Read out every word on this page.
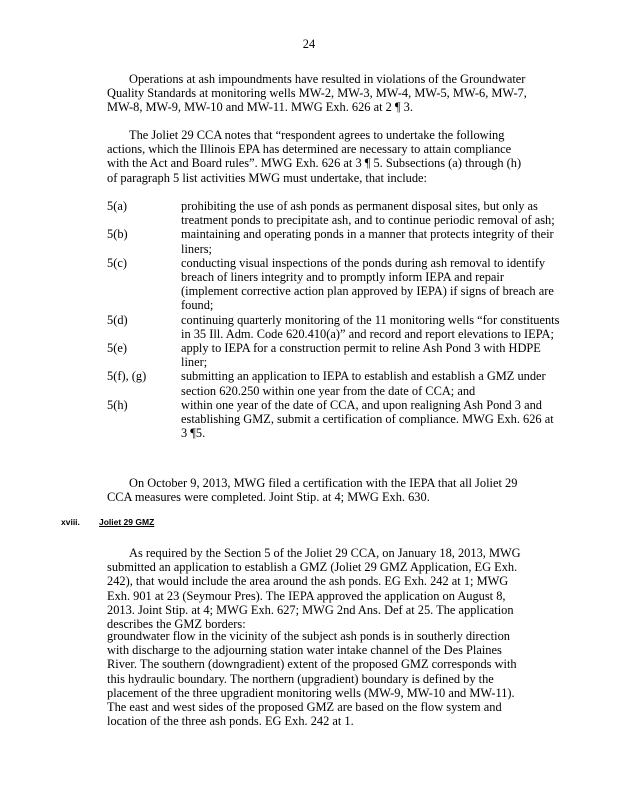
24
Operations at ash impoundments have resulted in violations of the Groundwater Quality Standards at monitoring wells MW-2, MW-3, MW-4, MW-5, MW-6, MW-7, MW-8, MW-9, MW-10 and MW-11. MWG Exh. 626 at 2 ¶ 3.
The Joliet 29 CCA notes that “respondent agrees to undertake the following actions, which the Illinois EPA has determined are necessary to attain compliance with the Act and Board rules”. MWG Exh. 626 at 3 ¶ 5. Subsections (a) through (h) of paragraph 5 list activities MWG must undertake, that include:
5(a)	prohibiting the use of ash ponds as permanent disposal sites, but only as treatment ponds to precipitate ash, and to continue periodic removal of ash;
5(b)	maintaining and operating ponds in a manner that protects integrity of their liners;
5(c)	conducting visual inspections of the ponds during ash removal to identify breach of liners integrity and to promptly inform IEPA and repair (implement corrective action plan approved by IEPA) if signs of breach are found;
5(d)	continuing quarterly monitoring of the 11 monitoring wells “for constituents in 35 Ill. Adm. Code 620.410(a)” and record and report elevations to IEPA;
5(e)	apply to IEPA for a construction permit to reline Ash Pond 3 with HDPE liner;
5(f), (g)	submitting an application to IEPA to establish and establish a GMZ under section 620.250 within one year from the date of CCA; and
5(h)	within one year of the date of CCA, and upon realigning Ash Pond 3 and establishing GMZ, submit a certification of compliance. MWG Exh. 626 at 3 ¶5.
On October 9, 2013, MWG filed a certification with the IEPA that all Joliet 29 CCA measures were completed. Joint Stip. at 4; MWG Exh. 630.
xviii.	Joliet 29 GMZ
As required by the Section 5 of the Joliet 29 CCA, on January 18, 2013, MWG submitted an application to establish a GMZ (Joliet 29 GMZ Application, EG Exh. 242), that would include the area around the ash ponds. EG Exh. 242 at 1; MWG Exh. 901 at 23 (Seymour Pres). The IEPA approved the application on August 8, 2013. Joint Stip. at 4; MWG Exh. 627; MWG 2nd Ans. Def at 25. The application describes the GMZ borders:
groundwater flow in the vicinity of the subject ash ponds is in southerly direction with discharge to the adjourning station water intake channel of the Des Plaines River. The southern (downgradient) extent of the proposed GMZ corresponds with this hydraulic boundary. The northern (upgradient) boundary is defined by the placement of the three upgradient monitoring wells (MW-9, MW-10 and MW-11). The east and west sides of the proposed GMZ are based on the flow system and location of the three ash ponds. EG Exh. 242 at 1.
